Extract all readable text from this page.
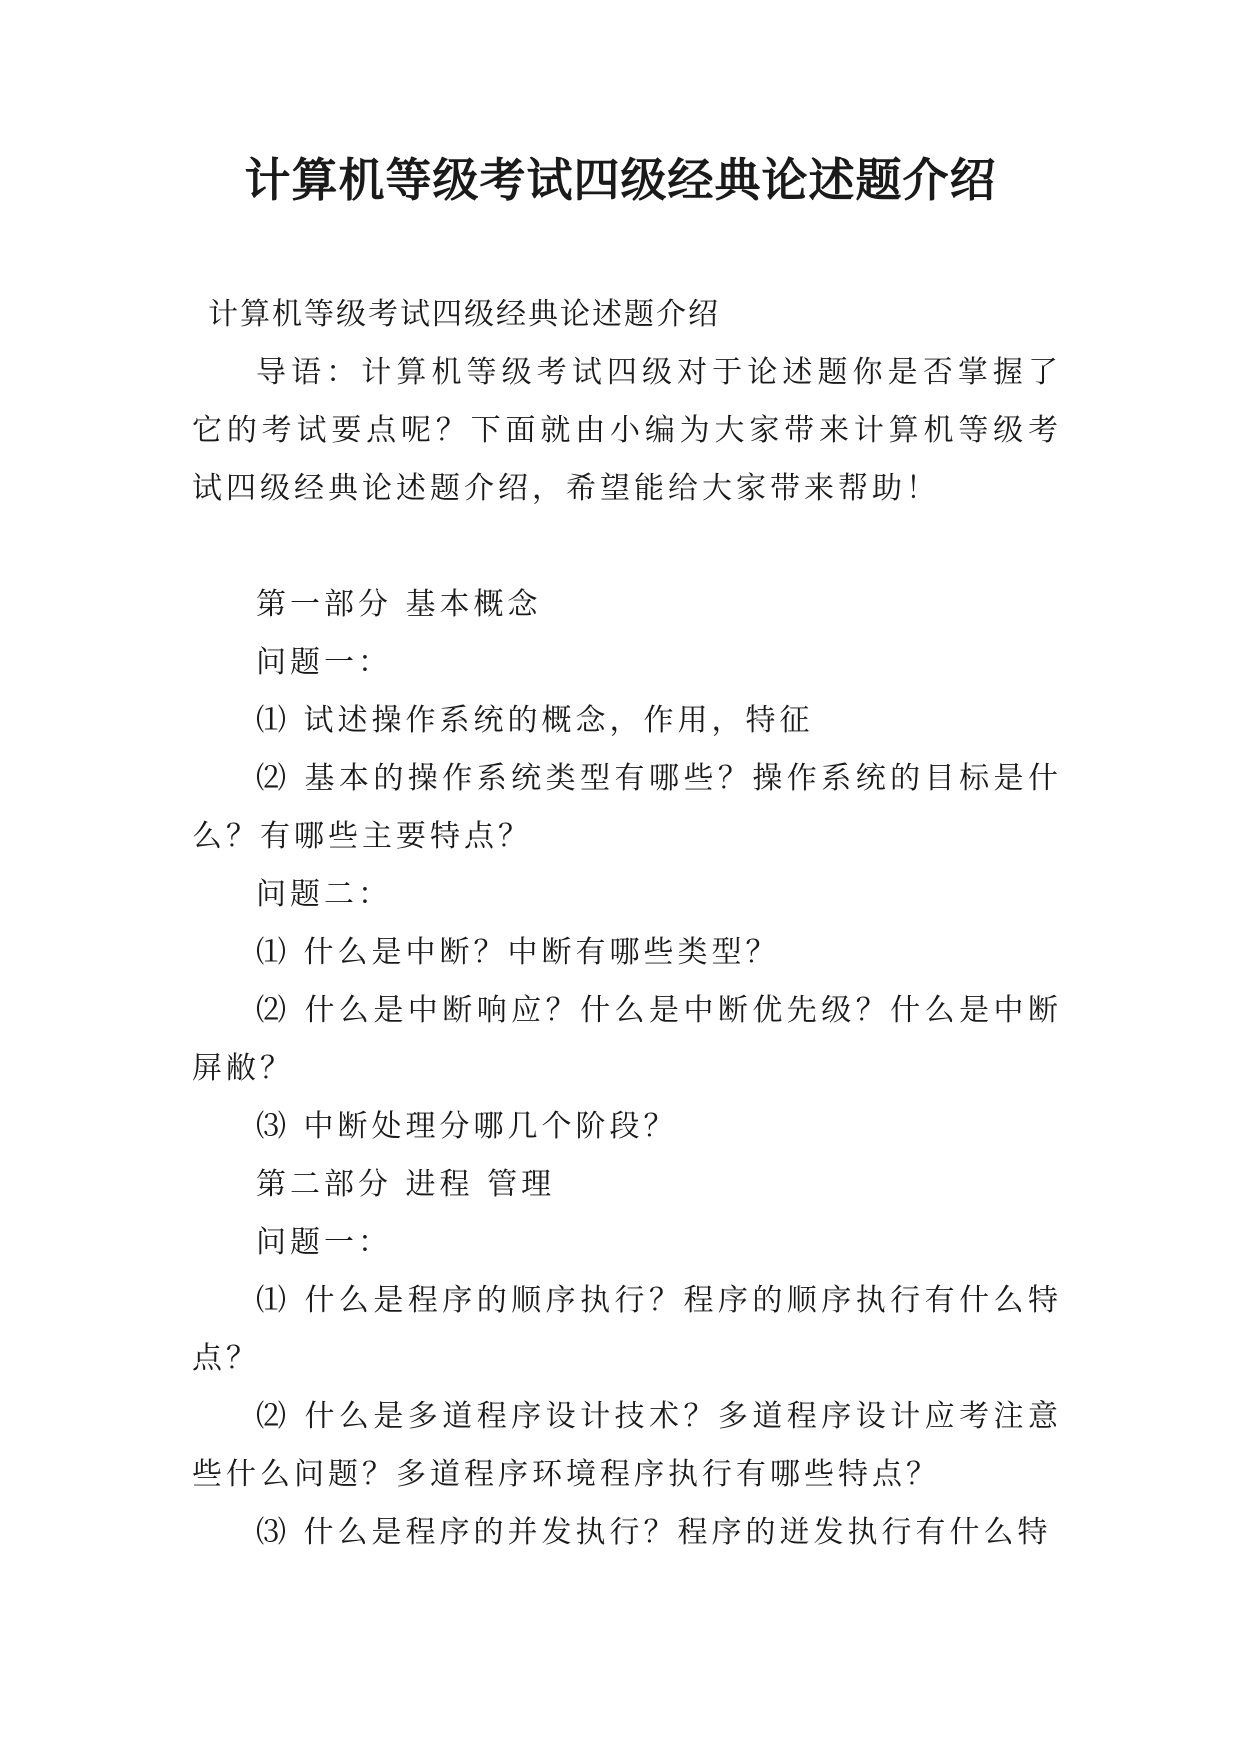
计算机等级考试四级经典论述题介绍

计算机等级考试四级经典论述题介绍

导语：计算机等级考试四级对于论述题你是否掌握了它的考试要点呢？下面就由小编为大家带来计算机等级考试四级经典论述题介绍，希望能给大家带来帮助！

第一部分 基本概念

问题一：

⑴ 试述操作系统的概念，作用，特征

⑵ 基本的操作系统类型有哪些？操作系统的目标是什么？有哪些主要特点？

问题二：

⑴ 什么是中断？中断有哪些类型？

⑵ 什么是中断响应？什么是中断优先级？什么是中断屏敝？

⑶ 中断处理分哪几个阶段？

第二部分 进程 管理

问题一：

⑴ 什么是程序的顺序执行？程序的顺序执行有什么特点？

⑵ 什么是多道程序设计技术？多道程序设计应考注意些什么问题？多道程序环境程序执行有哪些特点？

⑶ 什么是程序的并发执行？程序的迸发执行有什么特
